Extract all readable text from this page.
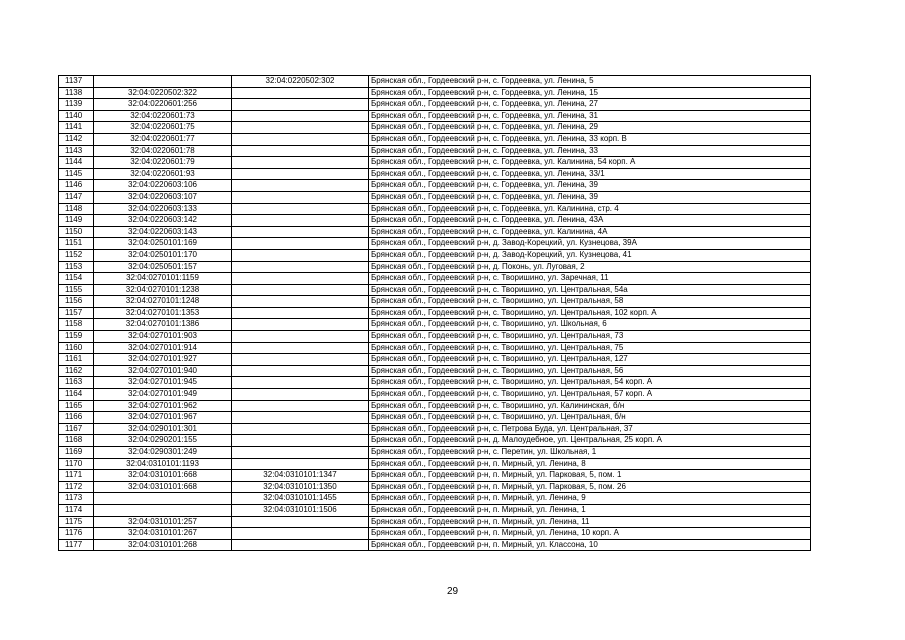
1137		32:04:0220502:302	Брянская обл., Гордеевский р-н, с. Гордеевка, ул. Ленина, 5
1138	32:04:0220502:322		Брянская обл., Гордеевский р-н, с. Гордеевка, ул. Ленина, 15
1139	32:04:0220601:256		Брянская обл., Гордеевский р-н, с. Гордеевка, ул. Ленина, 27
1140	32:04:0220601:73		Брянская обл., Гордеевский р-н, с. Гордеевка, ул. Ленина, 31
1141	32:04:0220601:75		Брянская обл., Гордеевский р-н, с. Гордеевка, ул. Ленина, 29
1142	32:04:0220601:77		Брянская обл., Гордеевский р-н, с. Гордеевка, ул. Ленина, 33 корп. В
1143	32:04:0220601:78		Брянская обл., Гордеевский р-н, с. Гордеевка, ул. Ленина, 33
1144	32:04:0220601:79		Брянская обл., Гордеевский р-н, с. Гордеевка, ул. Калинина, 54 корп. А
1145	32:04:0220601:93		Брянская обл., Гордеевский р-н, с. Гордеевка, ул. Ленина, 33/1
1146	32:04:0220603:106		Брянская обл., Гордеевский р-н, с. Гордеевка, ул. Ленина, 39
1147	32:04:0220603:107		Брянская обл., Гордеевский р-н, с. Гордеевка, ул. Ленина, 39
1148	32:04:0220603:133		Брянская обл., Гордеевский р-н, с. Гордеевка, ул. Калинина, стр. 4
1149	32:04:0220603:142		Брянская обл., Гордеевский р-н, с. Гордеевка, ул. Ленина, 43А
1150	32:04:0220603:143		Брянская обл., Гордеевский р-н, с. Гордеевка, ул. Калинина, 4А
1151	32:04:0250101:169		Брянская обл., Гордеевский р-н, д. Завод-Корецкий, ул. Кузнецова, 39А
1152	32:04:0250101:170		Брянская обл., Гордеевский р-н, д. Завод-Корецкий, ул. Кузнецова, 41
1153	32:04:0250501:157		Брянская обл., Гордеевский р-н, д. Поконь, ул. Луговая, 2
1154	32:04:0270101:1159		Брянская обл., Гордеевский р-н, с. Творишино, ул. Заречная, 11
1155	32:04:0270101:1238		Брянская обл., Гордеевский р-н, с. Творишино, ул. Центральная, 54а
1156	32:04:0270101:1248		Брянская обл., Гордеевский р-н, с. Творишино, ул. Центральная, 58
1157	32:04:0270101:1353		Брянская обл., Гордеевский р-н, с. Творишино, ул. Центральная, 102 корп. А
1158	32:04:0270101:1386		Брянская обл., Гордеевский р-н, с. Творишино, ул. Школьная, 6
1159	32:04:0270101:903		Брянская обл., Гордеевский р-н, с. Творишино, ул. Центральная, 73
1160	32:04:0270101:914		Брянская обл., Гордеевский р-н, с. Творишино, ул. Центральная, 75
1161	32:04:0270101:927		Брянская обл., Гордеевский р-н, с. Творишино, ул. Центральная, 127
1162	32:04:0270101:940		Брянская обл., Гордеевский р-н, с. Творишино, ул. Центральная, 56
1163	32:04:0270101:945		Брянская обл., Гордеевский р-н, с. Творишино, ул. Центральная, 54 корп. А
1164	32:04:0270101:949		Брянская обл., Гордеевский р-н, с. Творишино, ул. Центральная, 57 корп. А
1165	32:04:0270101:962		Брянская обл., Гордеевский р-н, с. Творишино, ул. Калининская, б/н
1166	32:04:0270101:967		Брянская обл., Гордеевский р-н, с. Творишино, ул. Центральная, б/н
1167	32:04:0290101:301		Брянская обл., Гордеевский р-н, с. Петрова Буда, ул. Центральная, 37
1168	32:04:0290201:155		Брянская обл., Гордеевский р-н, д. Малоудебное, ул. Центральная, 25 корп. А
1169	32:04:0290301:249		Брянская обл., Гордеевский р-н, с. Перетин, ул. Школьная, 1
1170	32:04:0310101:1193		Брянская обл., Гордеевский р-н, п. Мирный, ул. Ленина, 8
1171	32:04:0310101:668	32:04:0310101:1347	Брянская обл., Гордеевский р-н, п. Мирный, ул. Парковая, 5, пом. 1
1172	32:04:0310101:668	32:04:0310101:1350	Брянская обл., Гордеевский р-н, п. Мирный, ул. Парковая, 5, пом. 26
1173		32:04:0310101:1455	Брянская обл., Гордеевский р-н, п. Мирный, ул. Ленина, 9
1174		32:04:0310101:1506	Брянская обл., Гордеевский р-н, п. Мирный, ул. Ленина, 1
1175	32:04:0310101:257		Брянская обл., Гордеевский р-н, п. Мирный, ул. Ленина, 11
1176	32:04:0310101:267		Брянская обл., Гордеевский р-н, п. Мирный, ул. Ленина, 10 корп. А
1177	32:04:0310101:268		Брянская обл., Гордеевский р-н, п. Мирный, ул. Классона, 10
29
